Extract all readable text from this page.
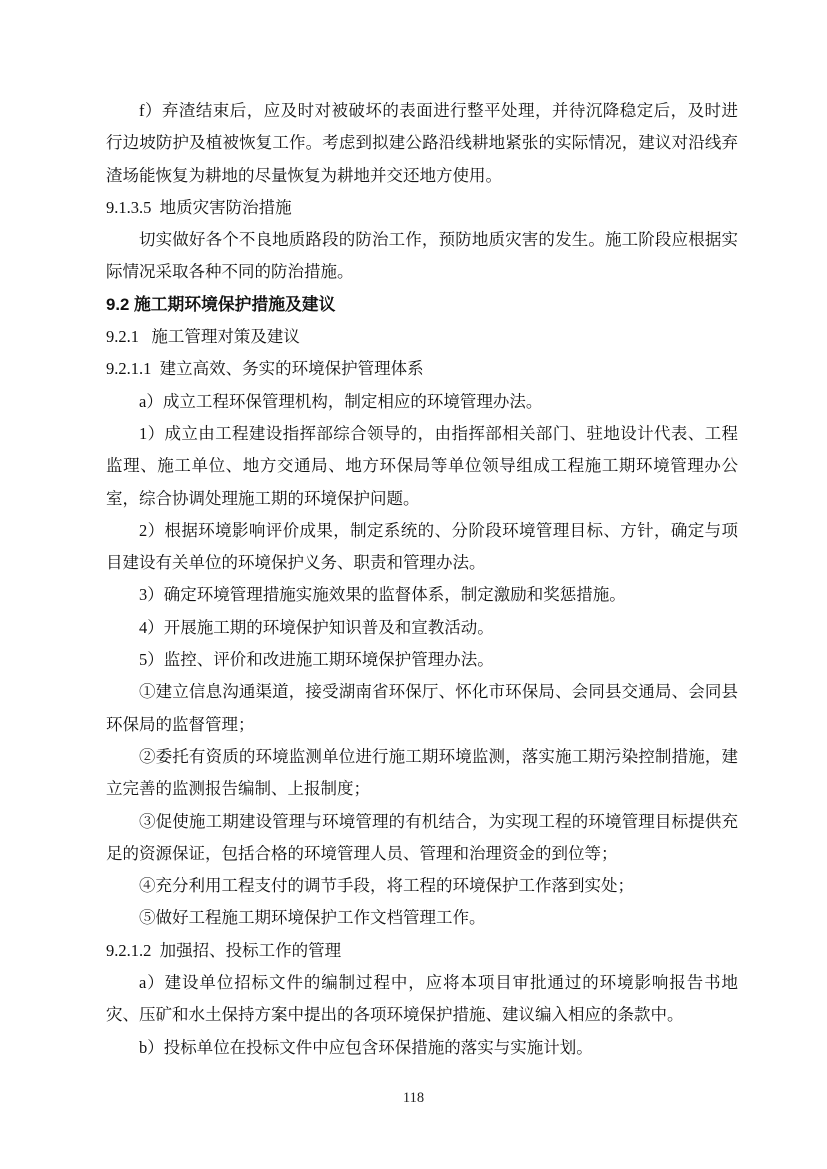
f）弃渣结束后，应及时对被破坏的表面进行整平处理，并待沉降稳定后，及时进行边坡防护及植被恢复工作。考虑到拟建公路沿线耕地紧张的实际情况，建议对沿线弃渣场能恢复为耕地的尽量恢复为耕地并交还地方使用。

9.1.3.5  地质灾害防治措施

切实做好各个不良地质路段的防治工作，预防地质灾害的发生。施工阶段应根据实际情况采取各种不同的防治措施。

9.2 施工期环境保护措施及建议

9.2.1   施工管理对策及建议

9.2.1.1  建立高效、务实的环境保护管理体系

a）成立工程环保管理机构，制定相应的环境管理办法。

1）成立由工程建设指挥部综合领导的，由指挥部相关部门、驻地设计代表、工程监理、施工单位、地方交通局、地方环保局等单位领导组成工程施工期环境管理办公室，综合协调处理施工期的环境保护问题。

2）根据环境影响评价成果，制定系统的、分阶段环境管理目标、方针，确定与项目建设有关单位的环境保护义务、职责和管理办法。

3）确定环境管理措施实施效果的监督体系，制定激励和奖惩措施。

4）开展施工期的环境保护知识普及和宣教活动。

5）监控、评价和改进施工期环境保护管理办法。

①建立信息沟通渠道，接受湖南省环保厅、怀化市环保局、会同县交通局、会同县环保局的监督管理；

②委托有资质的环境监测单位进行施工期环境监测，落实施工期污染控制措施，建立完善的监测报告编制、上报制度；

③促使施工期建设管理与环境管理的有机结合，为实现工程的环境管理目标提供充足的资源保证，包括合格的环境管理人员、管理和治理资金的到位等；

④充分利用工程支付的调节手段，将工程的环境保护工作落到实处；

⑤做好工程施工期环境保护工作文档管理工作。

9.2.1.2  加强招、投标工作的管理

a）建设单位招标文件的编制过程中，应将本项目审批通过的环境影响报告书地灾、压矿和水土保持方案中提出的各项环境保护措施、建议编入相应的条款中。

b）投标单位在投标文件中应包含环保措施的落实与实施计划。

118
